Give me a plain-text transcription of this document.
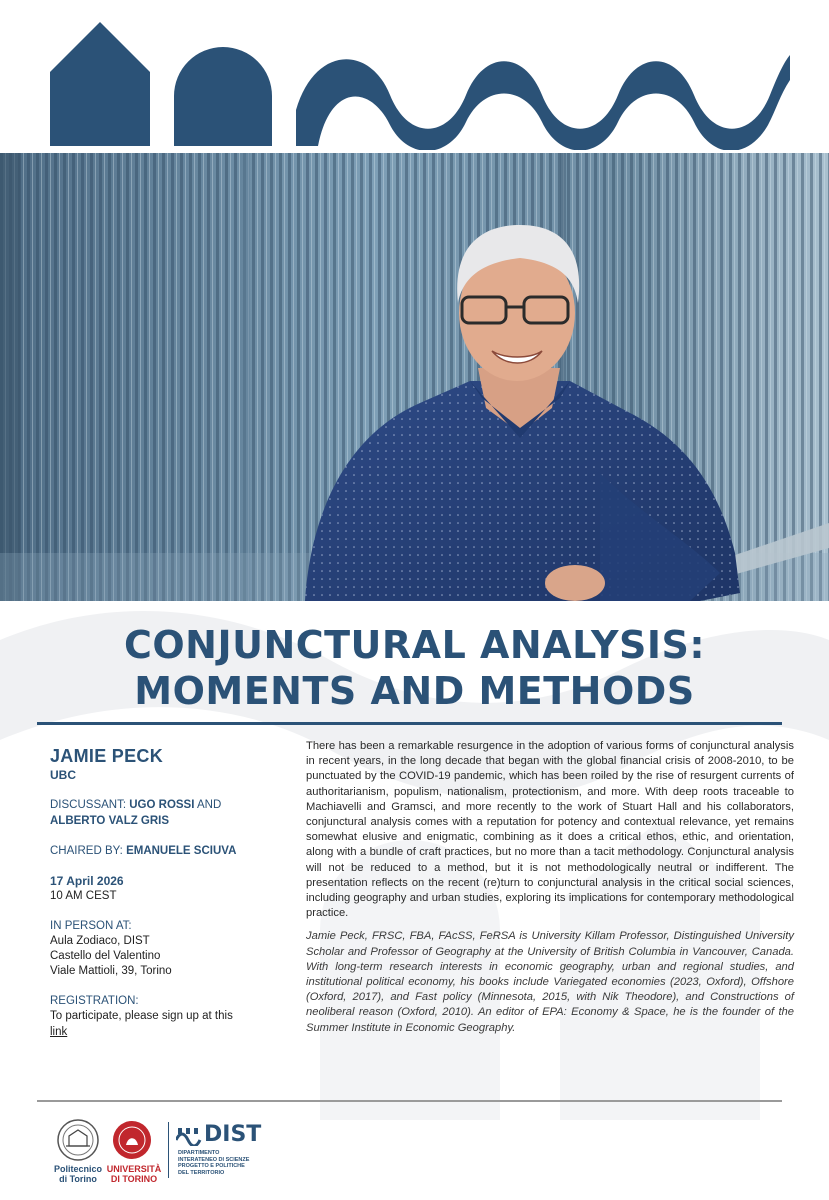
CONJUNCTURAL ANALYSIS:
MOMENTS AND METHODS
JAMIE PECK
UBC
DISCUSSANT: UGO ROSSI AND
ALBERTO VALZ GRIS
CHAIRED BY: EMANUELE SCIUVA
17 April 2026
10 AM CEST
IN PERSON AT:
Aula Zodiaco, DIST
Castello del Valentino
Viale Mattioli, 39, Torino
REGISTRATION:
To participate, please sign up at this
link

There has been a remarkable resurgence in the adoption of various forms of conjunctural analysis in recent years, in the long decade that began with the global financial crisis of 2008-2010, to be punctuated by the COVID-19 pandemic, which has been roiled by the rise of resurgent currents of authoritarianism, populism, nationalism, protectionism, and more. With deep roots traceable to Machiavelli and Gramsci, and more recently to the work of Stuart Hall and his collaborators, conjunctural analysis comes with a reputation for potency and contextual relevance, yet remains somewhat elusive and enigmatic, combining as it does a critical ethos, ethic, and orientation, along with a bundle of craft practices, but no more than a tacit methodology. Conjunctural analysis will not be reduced to a method, but it is not methodologically neutral or indifferent. The presentation reflects on the recent (re)turn to conjunctural analysis in the critical social sciences, including geography and urban studies, exploring its implications for contemporary methodological practice.

Jamie Peck, FRSC, FBA, FAcSS, FeRSA is University Killam Professor, Distinguished University Scholar and Professor of Geography at the University of British Columbia in Vancouver, Canada. With long-term research interests in economic geography, urban and regional studies, and institutional political economy, his books include Variegated economies (2023, Oxford), Offshore (Oxford, 2017), and Fast policy (Minnesota, 2015, with Nik Theodore), and Constructions of neoliberal reason (Oxford, 2010). An editor of EPA: Economy & Space, he is the founder of the Summer Institute in Economic Geography.

Politecnico
di Torino
UNIVERSITÀ
DI TORINO
DIST
DIPARTIMENTO
INTERATENEO DI SCIENZE
PROGETTO E POLITICHE
DEL TERRITORIO
